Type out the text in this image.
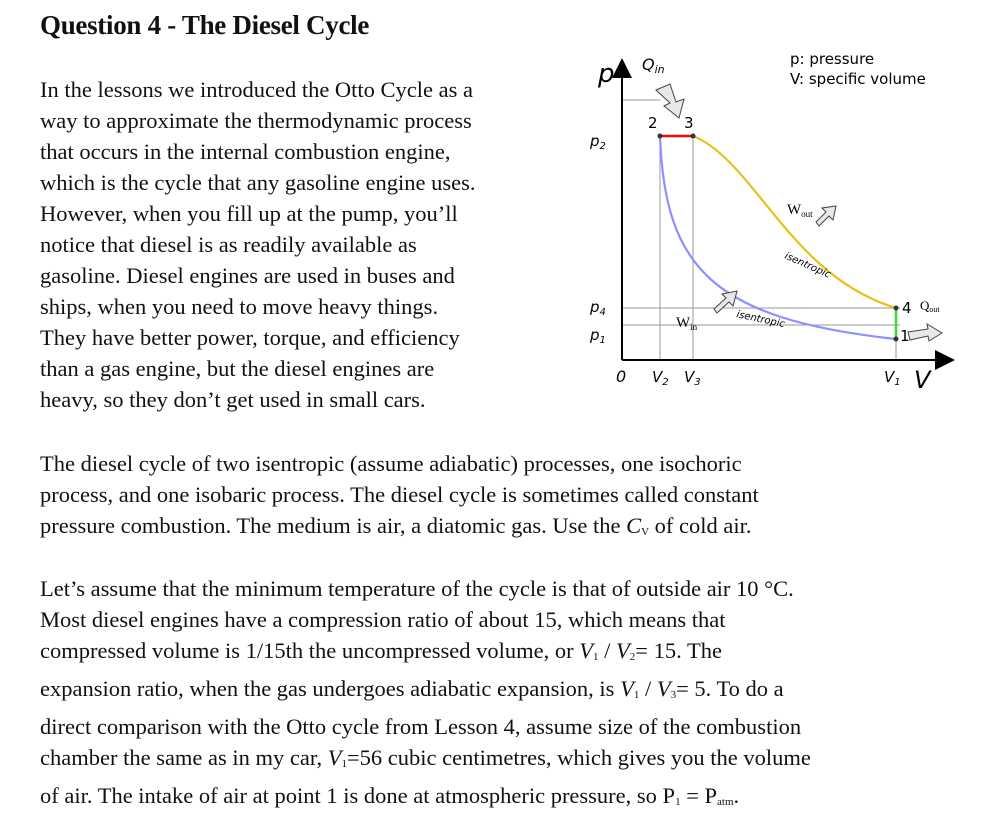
Question 4 - The Diesel Cycle
In the lessons we introduced the Otto Cycle as a
way to approximate the thermodynamic process
that occurs in the internal combustion engine,
which is the cycle that any gasoline engine uses.
However, when you fill up at the pump, you’ll
notice that diesel is as readily available as
gasoline. Diesel engines are used in buses and
ships, when you need to move heavy things.
They have better power, torque, and efficiency
than a gas engine, but the diesel engines are
heavy, so they don’t get used in small cars.
p
V
0
p: pressure
V: specific volume
Qin
$W_{out}$
$W_{in}$
Qout
isentropic
isentropic
1
2 3
4
$p_2$
$p_4$
$p_1$
$V_2$ $V_3$	$V_1$
The diesel cycle of two isentropic (assume adiabatic) processes, one isochoric
process, and one isobaric process. The diesel cycle is sometimes called constant
pressure combustion. The medium is air, a diatomic gas. Use the $C_V$ of cold air.
Let’s assume that the minimum temperature of the cycle is that of outside air 10 °C.
Most diesel engines have a compression ratio of about 15, which means that
compressed volume is 1/15th the uncompressed volume, or $V_1 / V_2= 15$. The
expansion ratio, when the gas undergoes adiabatic expansion, is $V_1 / V_3= 5$. To do a
direct comparison with the Otto cycle from Lesson 4, assume size of the combustion
chamber the same as in my car, $V_1=56$ cubic centimetres, which gives you the volume
of air. The intake of air at point 1 is done at atmospheric pressure, so $P_1 = P_{atm}$.
